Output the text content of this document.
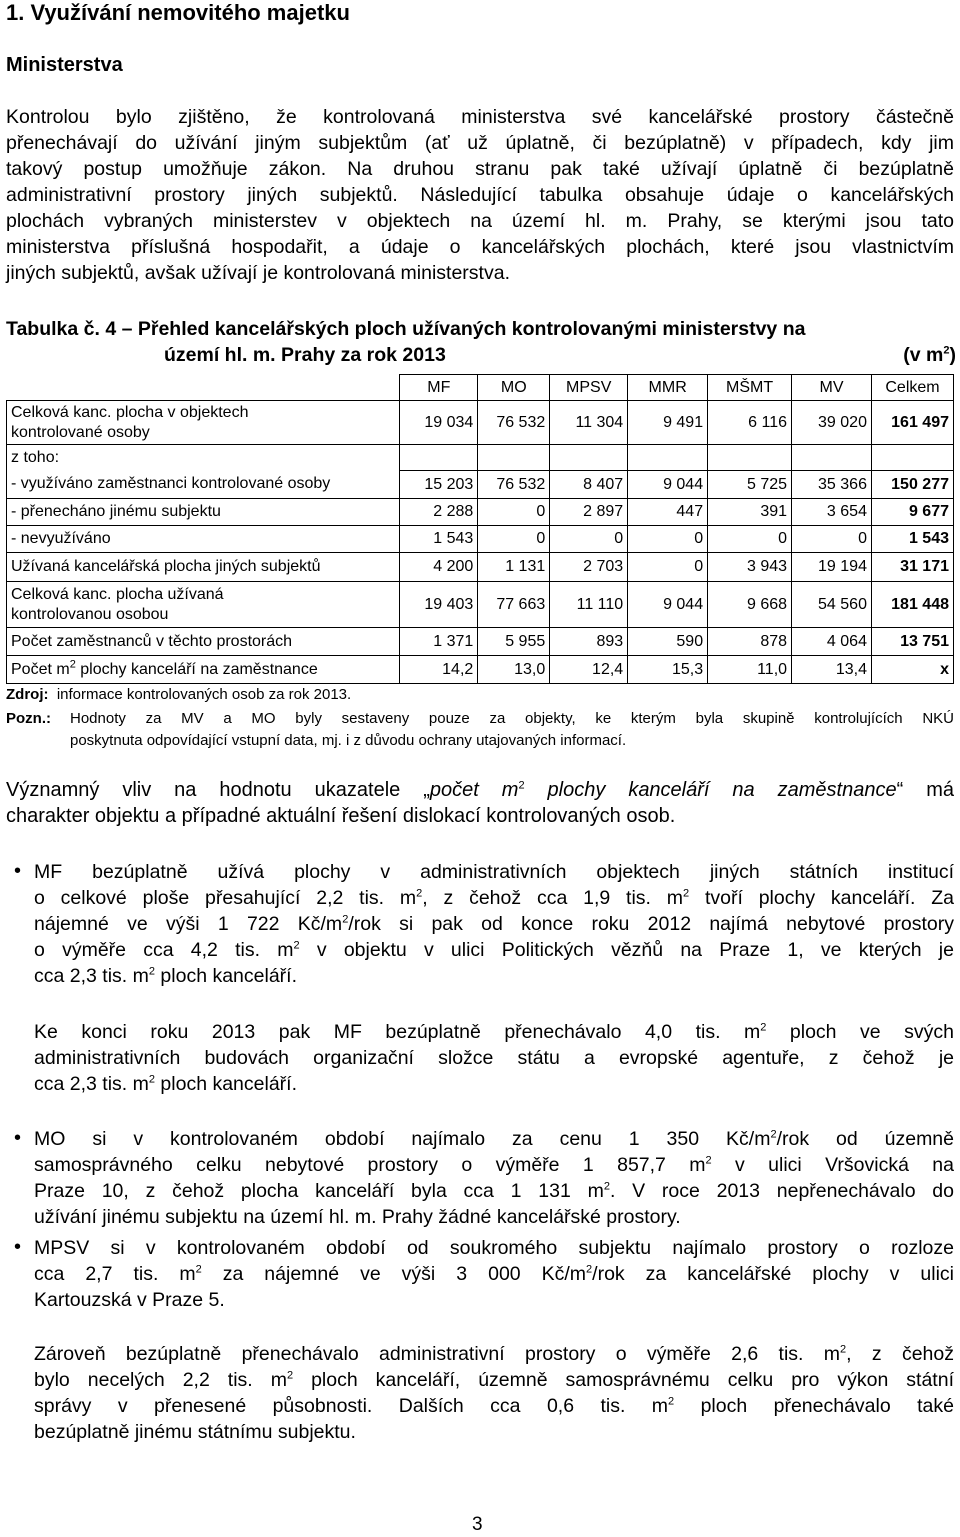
1. Využívání nemovitého majetku
Ministerstva
Kontrolou bylo zjištěno, že kontrolovaná ministerstva své kancelářské prostory částečně
přenechávají do užívání jiným subjektům (ať už úplatně, či bezúplatně) v případech, kdy jim
takový postup umožňuje zákon. Na druhou stranu pak také užívají úplatně či bezúplatně
administrativní prostory jiných subjektů. Následující tabulka obsahuje údaje o kancelářských
plochách vybraných ministerstev v objektech na území hl. m. Prahy, se kterými jsou tato
ministerstva příslušná hospodařit, a údaje o kancelářských plochách, které jsou vlastnictvím
jiných subjektů, avšak užívají je kontrolovaná ministerstva.
Tabulka č. 4 – Přehled kancelářských ploch užívaných kontrolovanými ministerstvy na
území hl. m. Prahy za rok 2013	(v $m^2$)
	MF	MO	MPSV	MMR	MŠMT	MV	Celkem

Celková kanc. plocha v objektech
kontrolované osoby	19 034	76 532	11 304	9 491	6 116	39 020	161 497
z toho:							
- využíváno zaměstnanci kontrolované osoby	15 203	76 532	8 407	9 044	5 725	35 366	150 277
- přenecháno jinému subjektu	2 288	0	2 897	447	391	3 654	9 677
- nevyužíváno	1 543	0	0	0	0	0	1 543
Užívaná kancelářská plocha jiných subjektů	4 200	1 131	2 703	0	3 943	19 194	31 171

Celková kanc. plocha užívaná
kontrolovanou osobou	19 403	77 663	11 110	9 044	9 668	54 560	181 448
Počet zaměstnanců v těchto prostorách	1 371	5 955	893	590	878	4 064	13 751
Počet $m^2$ plochy kanceláří na zaměstnance	14,2	13,0	12,4	15,3	11,0	13,4	x
Zdroj: informace kontrolovaných osob za rok 2013.
Pozn.:	Hodnoty za MV a MO byly sestaveny pouze za objekty, ke kterým byla skupině kontrolujících NKÚ
poskytnuta odpovídající vstupní data, mj. i z důvodu ochrany utajovaných informací.
Významný vliv na hodnotu ukazatele „počet $m^2$ plochy kanceláří na zaměstnance“ má
charakter objektu a případné aktuální řešení dislokací kontrolovaných osob.
• MF bezúplatně užívá plochy v administrativních objektech jiných státních institucí
o celkové ploše přesahující 2,2 tis. $m^2$, z čehož cca 1,9 tis. $m^2$ tvoří plochy kanceláří. Za
nájemné ve výši 1 722 $Kč/m^2$/rok si pak od konce roku 2012 najímá nebytové prostory
o výměře cca 4,2 tis. $m^2$ v objektu v ulici Politických vězňů na Praze 1, ve kterých je
cca 2,3 tis. $m^2$ ploch kanceláří.
Ke konci roku 2013 pak MF bezúplatně přenechávalo 4,0 tis. $m^2$ ploch ve svých
administrativních budovách organizační složce státu a evropské agentuře, z čehož je
cca 2,3 tis. $m^2$ ploch kanceláří.
• MO si v kontrolovaném období najímalo za cenu 1 350 $Kč/m^2$/rok od územně
samosprávného celku nebytové prostory o výměře 1 857,7 $m^2$ v ulici Vršovická na
Praze 10, z čehož plocha kanceláří byla cca 1 131 $m^2$. V roce 2013 nepřenechávalo do
užívání jinému subjektu na území hl. m. Prahy žádné kancelářské prostory.
• MPSV si v kontrolovaném období od soukromého subjektu najímalo prostory o rozloze
cca 2,7 tis. $m^2$ za nájemné ve výši 3 000 $Kč/m^2$/rok za kancelářské plochy v ulici
Kartouzská v Praze 5.
Zároveň bezúplatně přenechávalo administrativní prostory o výměře 2,6 tis. $m^2$, z čehož
bylo necelých 2,2 tis. $m^2$ ploch kanceláří, územně samosprávnému celku pro výkon státní
správy v přenesené působnosti. Dalších cca 0,6 tis. $m^2$ ploch přenechávalo také
bezúplatně jinému státnímu subjektu.
3
